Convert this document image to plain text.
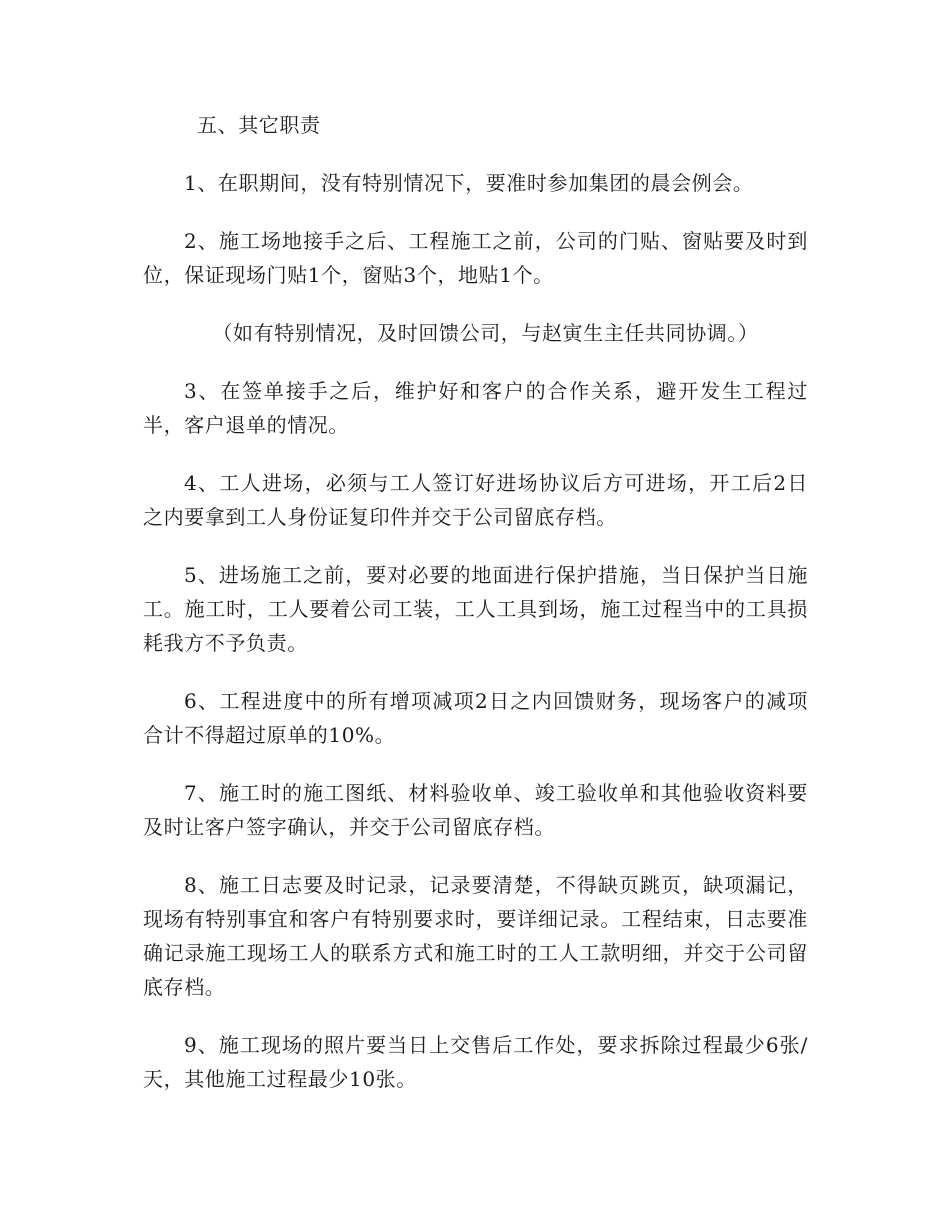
五、其它职责

1、在职期间，没有特别情况下，要准时参加集团的晨会例会。

2、施工场地接手之后、工程施工之前，公司的门贴、窗贴要及时到位，保证现场门贴1个，窗贴3个，地贴1个。

（如有特别情况，及时回馈公司，与赵寅生主任共同协调。）

3、在签单接手之后，维护好和客户的合作关系，避开发生工程过半，客户退单的情况。

4、工人进场，必须与工人签订好进场协议后方可进场，开工后2日之内要拿到工人身份证复印件并交于公司留底存档。

5、进场施工之前，要对必要的地面进行保护措施，当日保护当日施工。施工时，工人要着公司工装，工人工具到场，施工过程当中的工具损耗我方不予负责。

6、工程进度中的所有增项减项2日之内回馈财务，现场客户的减项合计不得超过原单的10%。

7、施工时的施工图纸、材料验收单、竣工验收单和其他验收资料要及时让客户签字确认，并交于公司留底存档。

8、施工日志要及时记录，记录要清楚，不得缺页跳页，缺项漏记，现场有特别事宜和客户有特别要求时，要详细记录。工程结束，日志要准确记录施工现场工人的联系方式和施工时的工人工款明细，并交于公司留底存档。

9、施工现场的照片要当日上交售后工作处，要求拆除过程最少6张/天，其他施工过程最少10张。
